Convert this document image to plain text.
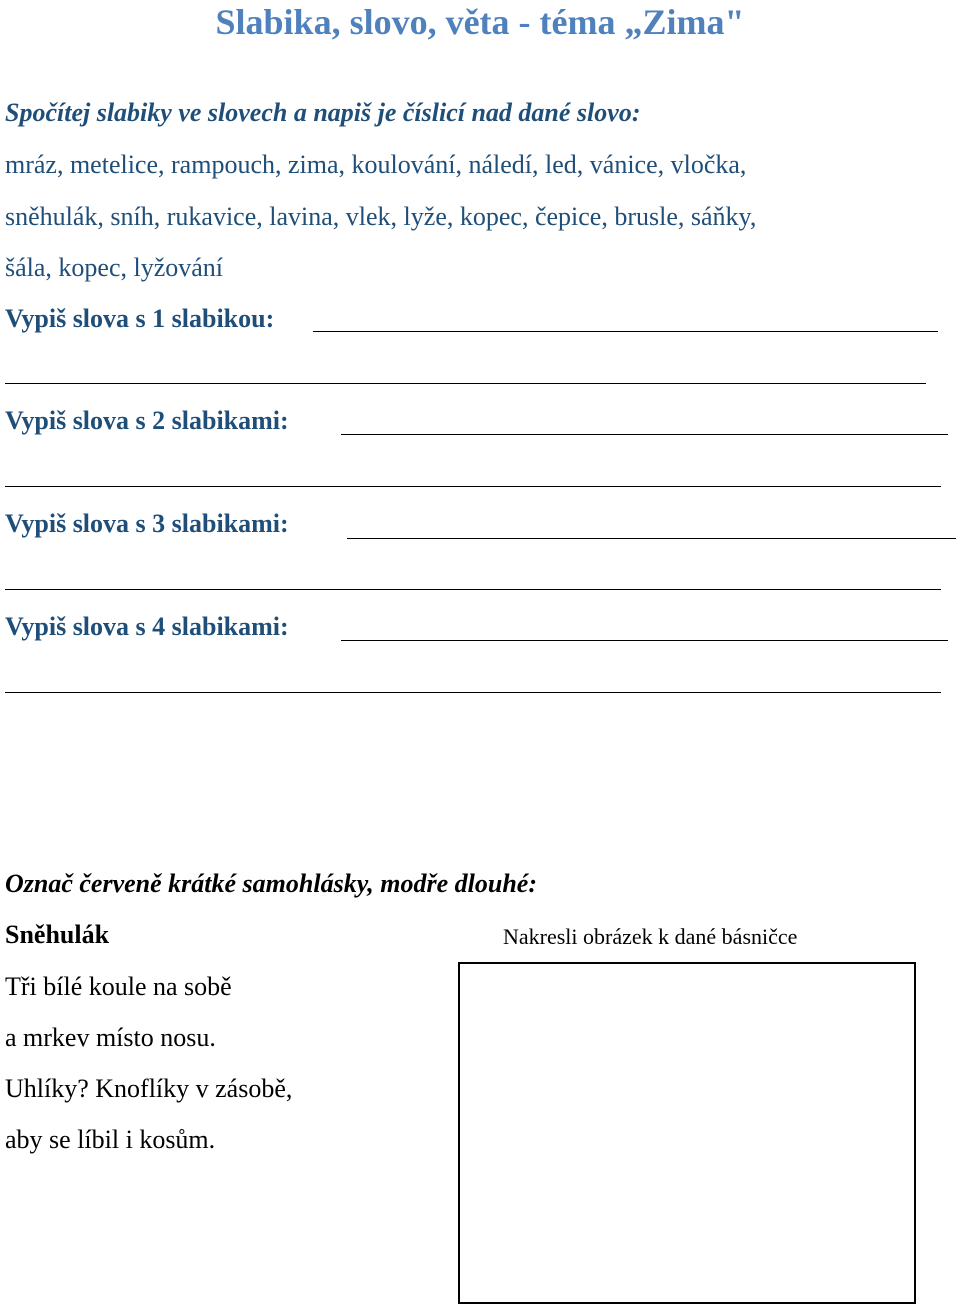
Slabika, slovo, věta - téma „Zima"
Spočítej slabiky ve slovech a napiš je číslicí nad dané slovo:
mráz, metelice, rampouch, zima, koulování, náledí, led, vánice, vločka,
sněhulák, sníh, rukavice, lavina, vlek, lyže, kopec, čepice, brusle, sáňky,
šála, kopec, lyžování
Vypiš slova s 1 slabikou:
Vypiš slova s 2 slabikami:
Vypiš slova s 3 slabikami:
Vypiš slova s 4 slabikami:
Označ červeně krátké samohlásky, modře dlouhé:
Sněhulák	Nakresli obrázek k dané básničce
Tři bílé koule na sobě
a mrkev místo nosu.
Uhlíky? Knoflíky v zásobě,
aby se líbil i kosům.
